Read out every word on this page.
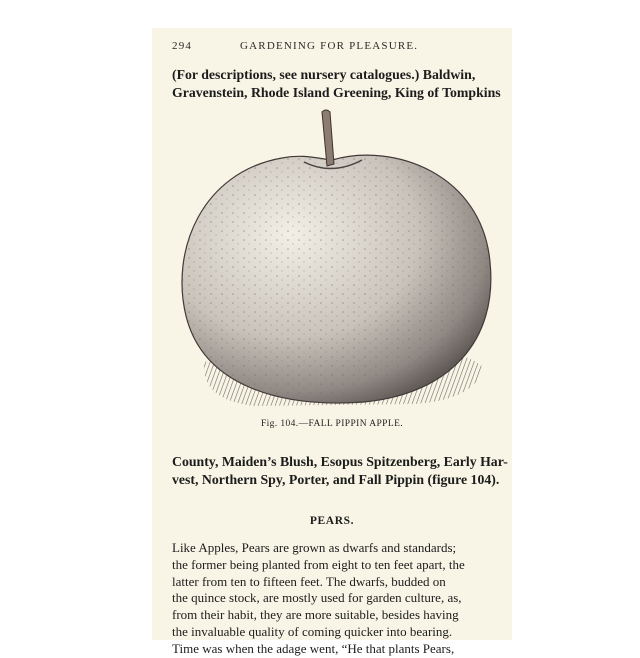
294	GARDENING FOR PLEASURE.
(For descriptions, see nursery catalogues.) Baldwin,
Gravenstein, Rhode Island Greening, King of Tompkins
Fig. 104.—FALL PIPPIN APPLE.
County, Maiden’s Blush, Esopus Spitzenberg, Early Har-
vest, Northern Spy, Porter, and Fall Pippin (figure 104).
PEARS.
Like Apples, Pears are grown as dwarfs and standards;
the former being planted from eight to ten feet apart, the
latter from ten to fifteen feet. The dwarfs, budded on
the quince stock, are mostly used for garden culture, as,
from their habit, they are more suitable, besides having
the invaluable quality of coming quicker into bearing.
Time was when the adage went, “He that plants Pears,
